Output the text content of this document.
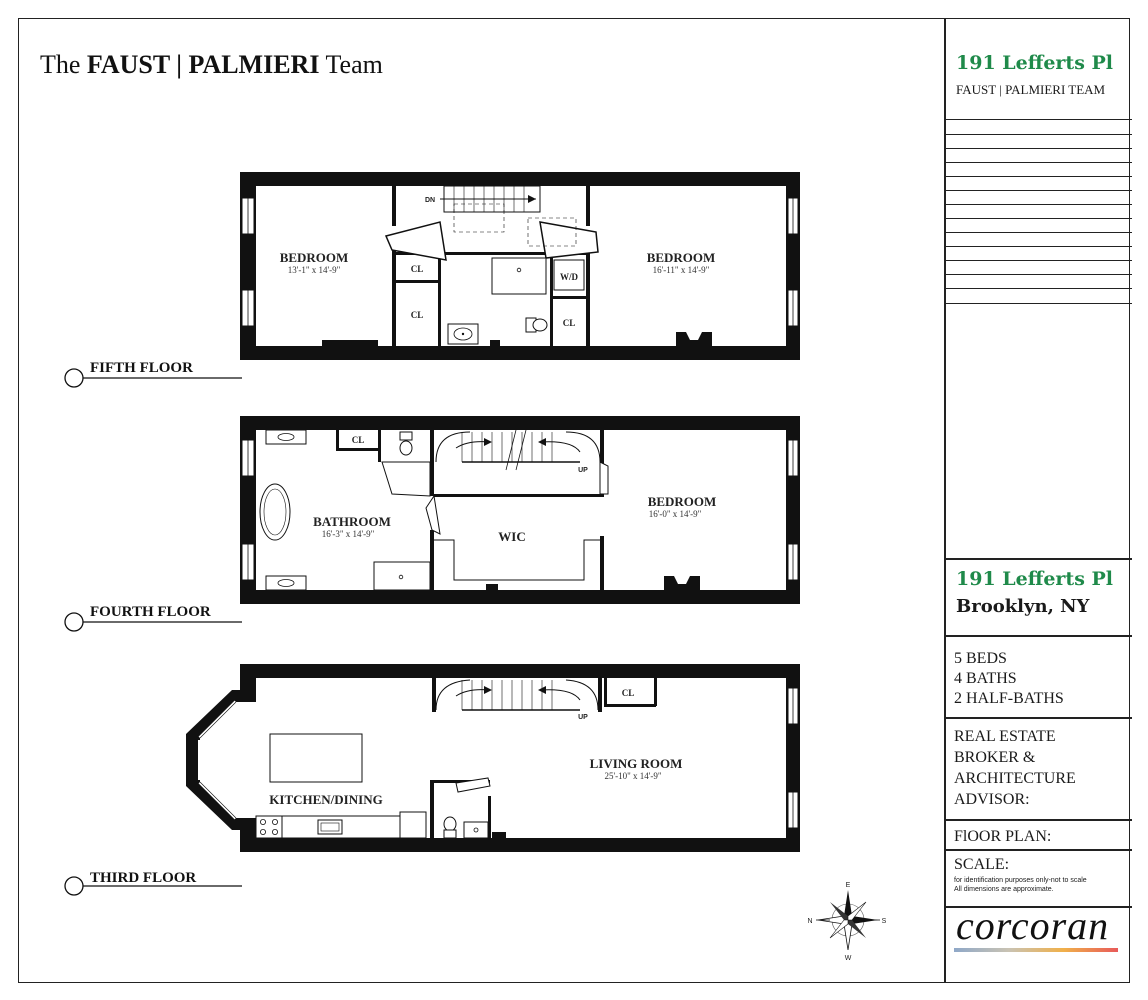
The FAUST | PALMIERI Team
BEDROOM
13'-1" x 14'-9"
BEDROOM
16'-11" x 14'-9"
CL
CL
W/D
CL
DN
FIFTH FLOOR
BATHROOM
16'-3" x 14'-9"	WIC
BEDROOM
16'-0" x 14'-9"
CL
UP
FOURTH FLOOR
KITCHEN/DINING
LIVING ROOM
25'-10" x 14'-9"
CL
UP
THIRD FLOOR
N
E
S
W
191 Lefferts Pl
FAUST | PALMIERI TEAM
191 Lefferts Pl
Brooklyn, NY
5 BEDS
4 BATHS
2 HALF-BATHS
REAL ESTATE
BROKER &
ARCHITECTURE
ADVISOR:
FlOOR PLAN:
SCALE:
for identification purposes only-not to scale
All dimensions are approximate.
corcoran
